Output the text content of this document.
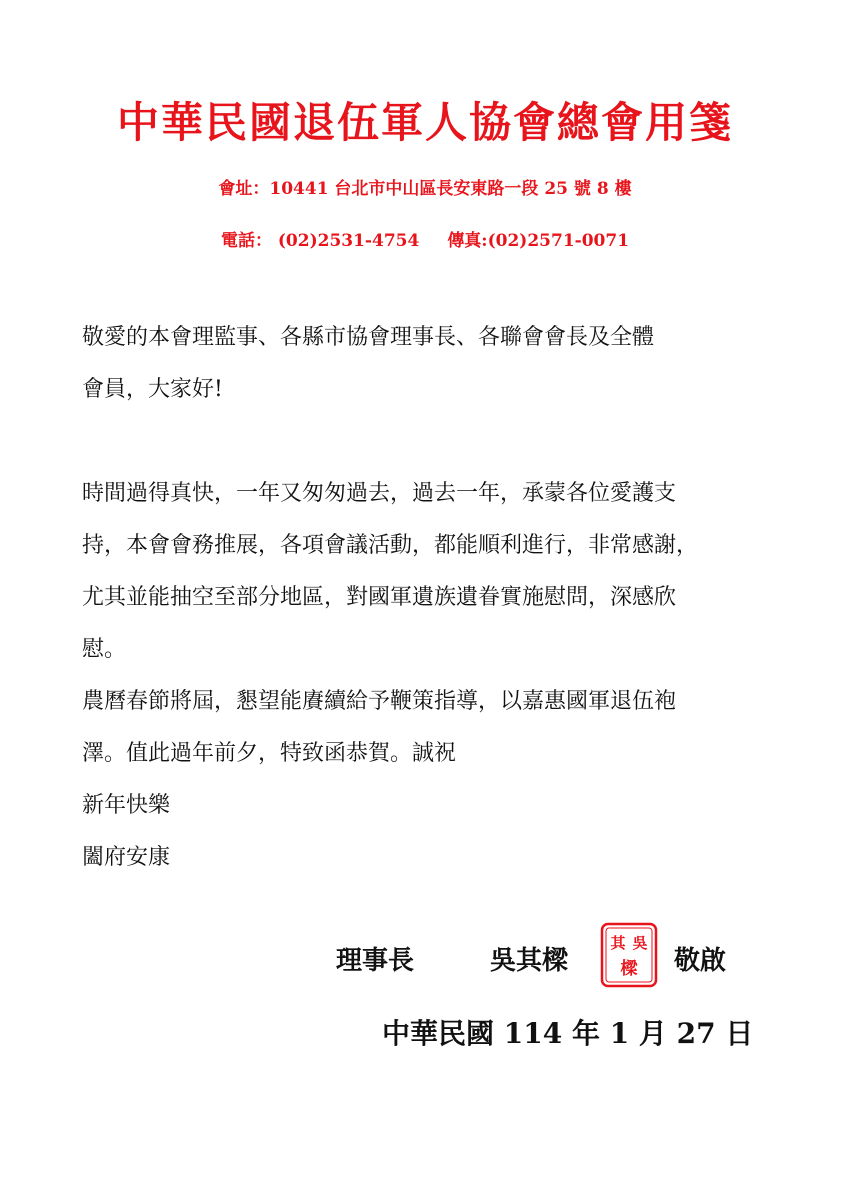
中華民國退伍軍人協會總會用箋
會址：10441 台北市中山區長安東路一段 25 號 8 樓
電話： (02)2531-4754 傳真:(02)2571-0071
敬愛的本會理監事、各縣市協會理事長、各聯會會長及全體
會員，大家好!
時間過得真快，一年又匆匆過去，過去一年，承蒙各位愛護支
持，本會會務推展，各項會議活動，都能順利進行，非常感謝，
尤其並能抽空至部分地區，對國軍遺族遺眷實施慰問，深感欣
慰。
農曆春節將屆，懇望能賡續給予鞭策指導，以嘉惠國軍退伍袍
澤。值此過年前夕，特致函恭賀。誠祝
新年快樂
闔府安康
理事長	吳其樑
吳
其
樑 敬啟
中華民國 114 年 1 月 27 日
